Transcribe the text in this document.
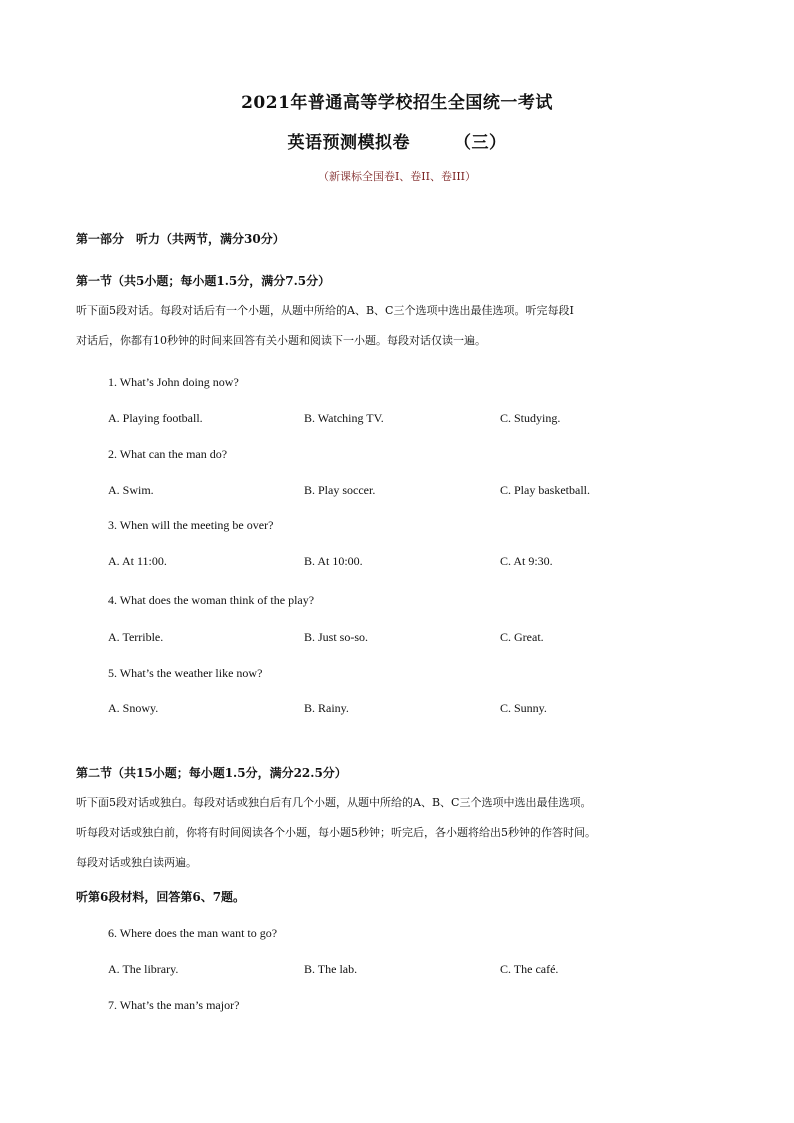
2021年普通高等学校招生全国统一考试
英语预测模拟卷	（三）
（新课标全国卷I、卷II、卷III）
第一部分　听力（共两节，满分30分）
第一节（共5小题；每小题1.5分，满分7.5分）
听下面5段对话。每段对话后有一个小题，从题中所给的A、B、C三个选项中选出最佳选项。听完每段I
对话后，你都有10秒钟的时间来回答有关小题和阅读下一小题。每段对话仅读一遍。
1. What’s John doing now?
A. Playing football.	B. Watching TV.	C. Studying.
2. What can the man do?
A. Swim.	B. Play soccer.	C. Play basketball.
3. When will the meeting be over?
A. At 11:00.	B. At 10:00.	C. At 9:30.
4. What does the woman think of the play?
A. Terrible.	B. Just so-so.	C. Great.
5. What’s the weather like now?
A. Snowy.	B. Rainy.	C. Sunny.
第二节（共15小题；每小题1.5分，满分22.5分）
听下面5段对话或独白。每段对话或独白后有几个小题，从题中所给的A、B、C三个选项中选出最佳选项。
听每段对话或独白前，你将有时间阅读各个小题，每小题5秒钟；听完后，各小题将给出5秒钟的作答时间。
每段对话或独白读两遍。
听第6段材料，回答第6、7题。
6. Where does the man want to go?
A. The library.	B. The lab.	C. The café.
7. What’s the man’s major?
